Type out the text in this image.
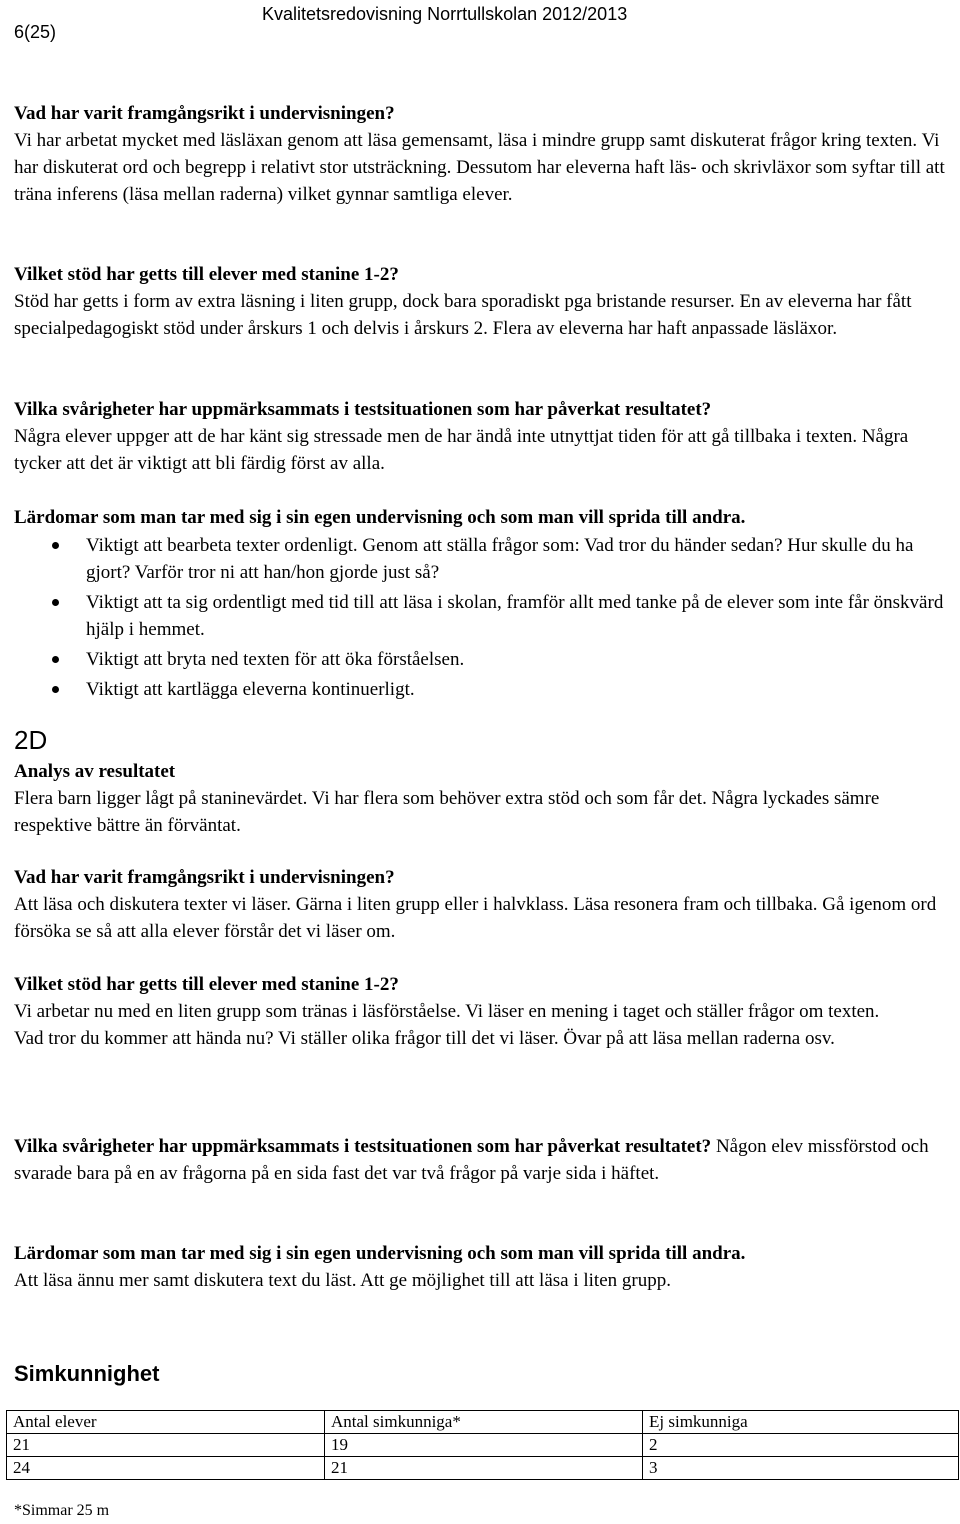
6(25)
Kvalitetsredovisning Norrtullskolan 2012/2013
Vad har varit framgångsrikt i undervisningen?
Vi har arbetat mycket med läsläxan genom att läsa gemensamt, läsa i mindre grupp samt diskuterat frågor kring texten. Vi har diskuterat ord och begrepp i relativt stor utsträckning. Dessutom har eleverna haft läs- och skrivläxor som syftar till att träna inferens (läsa mellan raderna) vilket gynnar samtliga elever.
Vilket stöd har getts till elever med stanine 1-2?
Stöd har getts i form av extra läsning i liten grupp, dock bara sporadiskt pga bristande resurser. En av eleverna har fått specialpedagogiskt stöd under årskurs 1 och delvis i årskurs 2. Flera av eleverna har haft anpassade läsläxor.
Vilka svårigheter har uppmärksammats i testsituationen som har påverkat resultatet?
Några elever uppger att de har känt sig stressade men de har ändå inte utnyttjat tiden för att gå tillbaka i texten. Några tycker att det är viktigt att bli färdig först av alla.
Lärdomar som man tar med sig i sin egen undervisning och som man vill sprida till andra.
Viktigt att bearbeta texter ordenligt. Genom att ställa frågor som: Vad tror du händer sedan? Hur skulle du ha gjort? Varför tror ni att han/hon gjorde just så?
Viktigt att ta sig ordentligt med tid till att läsa i skolan, framför allt med tanke på de elever som inte får önskvärd hjälp i hemmet.
Viktigt att bryta ned texten för att öka förståelsen.
Viktigt att kartlägga eleverna kontinuerligt.
2D
Analys av resultatet
Flera barn ligger lågt på staninevärdet. Vi har flera som behöver extra stöd och som får det. Några lyckades sämre respektive bättre än förväntat.
Vad har varit framgångsrikt i undervisningen?
Att läsa och diskutera texter vi läser. Gärna i liten grupp eller i halvklass. Läsa resonera fram och tillbaka. Gå igenom ord försöka se så att alla elever förstår det vi läser om.
Vilket stöd har getts till elever med stanine 1-2?
Vi arbetar nu med en liten grupp som tränas i läsförståelse. Vi läser en mening i taget och ställer frågor om texten.
Vad tror du kommer att hända nu? Vi ställer olika frågor till det vi läser. Övar på att läsa mellan raderna osv.
Vilka svårigheter har uppmärksammats i testsituationen som har påverkat resultatet? Någon elev missförstod och svarade bara på en av frågorna på en sida fast det var två frågor på varje sida i häftet.
Lärdomar som man tar med sig i sin egen undervisning och som man vill sprida till andra.
Att läsa ännu mer samt diskutera text du läst. Att ge möjlighet till att läsa i liten grupp.
Simkunnighet
Antal elever	Antal simkunniga*	Ej simkunniga
21	19	2
24	21	3
*Simmar 25 m
